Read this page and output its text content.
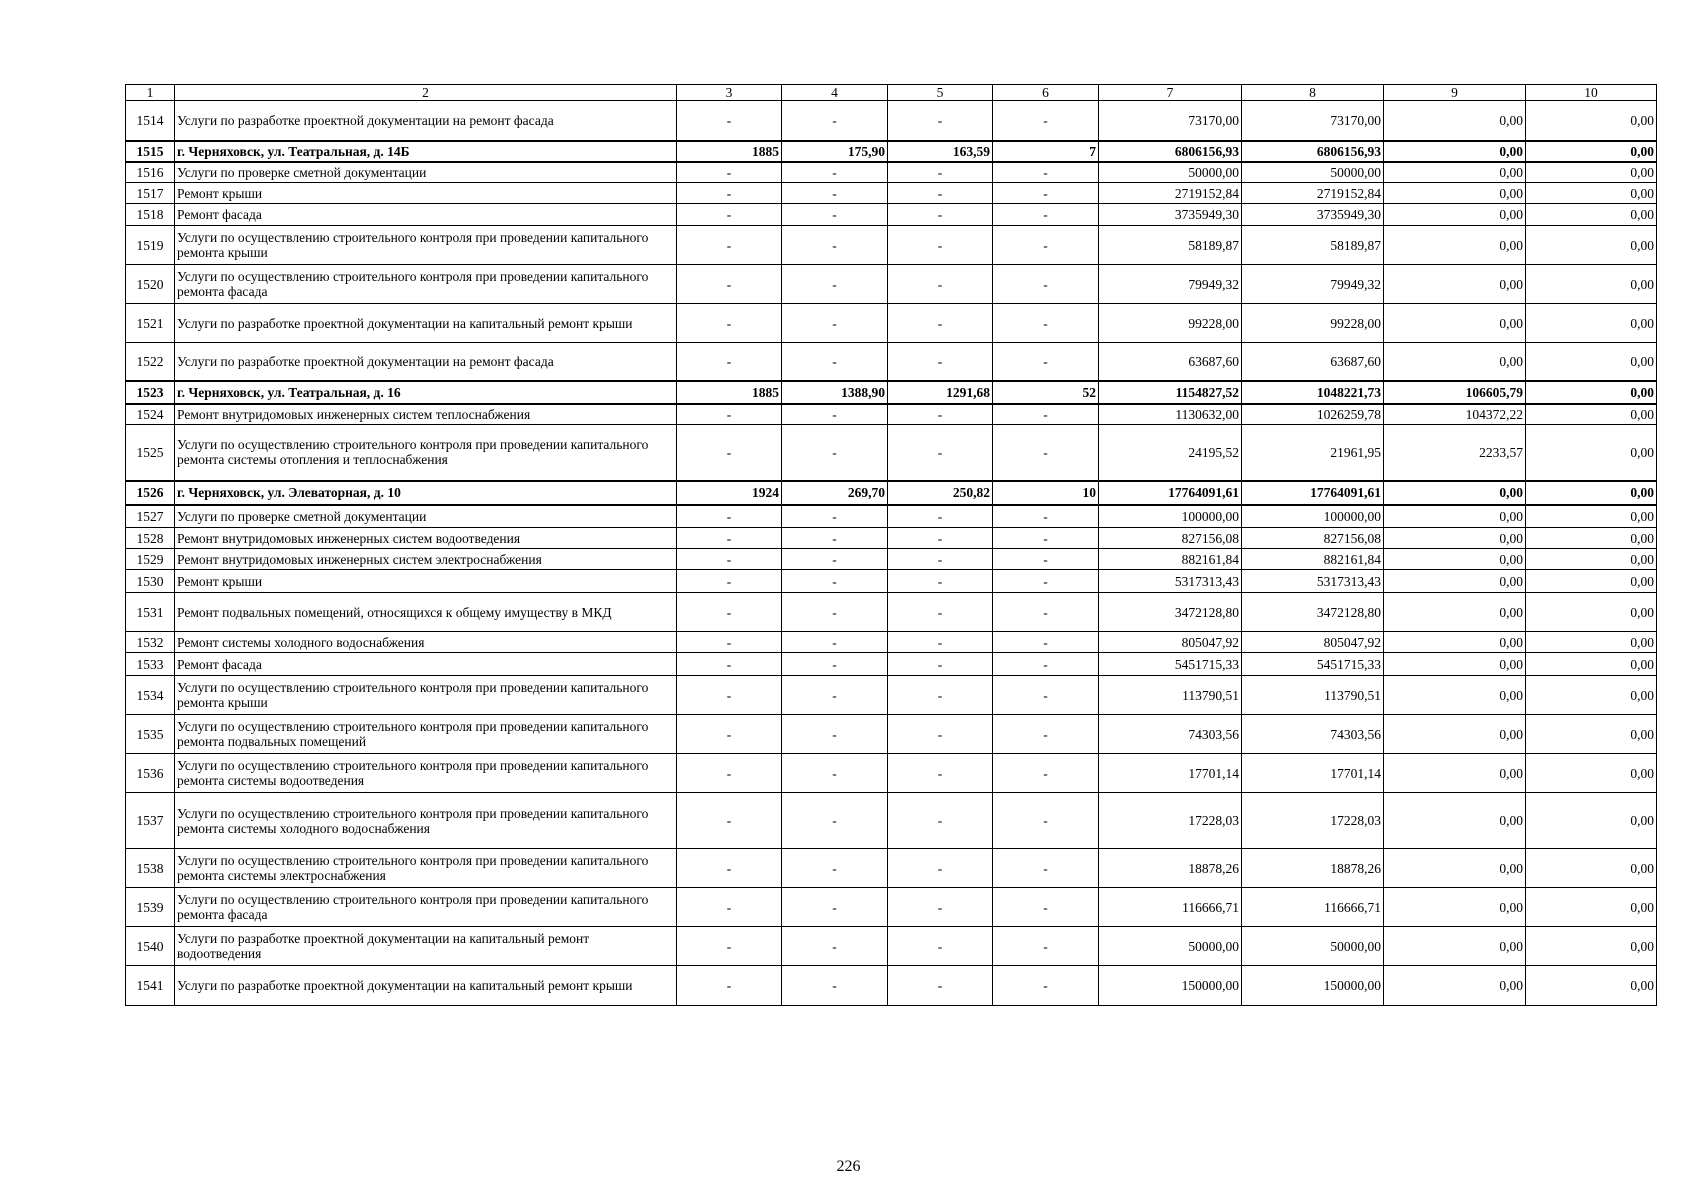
1	2	3	4	5	6	7	8	9	10
1514	Услуги по разработке проектной документации на ремонт фасада	-	-	-	-	73170,00	73170,00	0,00	0,00
1515	г. Черняховск, ул. Театральная, д. 14Б	1885	175,90	163,59	7	6806156,93	6806156,93	0,00	0,00
1516	Услуги по проверке сметной документации	-	-	-	-	50000,00	50000,00	0,00	0,00
1517	Ремонт крыши	-	-	-	-	2719152,84	2719152,84	0,00	0,00
1518	Ремонт фасада	-	-	-	-	3735949,30	3735949,30	0,00	0,00
1519	Услуги по осуществлению строительного контроля при проведении капитального ремонта крыши	-	-	-	-	58189,87	58189,87	0,00	0,00
1520	Услуги по осуществлению строительного контроля при проведении капитального ремонта фасада	-	-	-	-	79949,32	79949,32	0,00	0,00
1521	Услуги по разработке проектной документации на капитальный ремонт крыши	-	-	-	-	99228,00	99228,00	0,00	0,00
1522	Услуги по разработке проектной документации на ремонт фасада	-	-	-	-	63687,60	63687,60	0,00	0,00
1523	г. Черняховск, ул. Театральная, д. 16	1885	1388,90	1291,68	52	1154827,52	1048221,73	106605,79	0,00
1524	Ремонт внутридомовых инженерных систем теплоснабжения	-	-	-	-	1130632,00	1026259,78	104372,22	0,00
1525	Услуги по осуществлению строительного контроля при проведении капитального ремонта системы отопления и теплоснабжения	-	-	-	-	24195,52	21961,95	2233,57	0,00
1526	г. Черняховск, ул. Элеваторная, д. 10	1924	269,70	250,82	10	17764091,61	17764091,61	0,00	0,00
1527	Услуги по проверке сметной документации	-	-	-	-	100000,00	100000,00	0,00	0,00
1528	Ремонт внутридомовых инженерных систем водоотведения	-	-	-	-	827156,08	827156,08	0,00	0,00
1529	Ремонт внутридомовых инженерных систем электроснабжения	-	-	-	-	882161,84	882161,84	0,00	0,00
1530	Ремонт крыши	-	-	-	-	5317313,43	5317313,43	0,00	0,00
1531	Ремонт подвальных помещений, относящихся к общему имуществу в МКД	-	-	-	-	3472128,80	3472128,80	0,00	0,00
1532	Ремонт системы холодного водоснабжения	-	-	-	-	805047,92	805047,92	0,00	0,00
1533	Ремонт фасада	-	-	-	-	5451715,33	5451715,33	0,00	0,00
1534	Услуги по осуществлению строительного контроля при проведении капитального ремонта крыши	-	-	-	-	113790,51	113790,51	0,00	0,00
1535	Услуги по осуществлению строительного контроля при проведении капитального ремонта подвальных помещений	-	-	-	-	74303,56	74303,56	0,00	0,00
1536	Услуги по осуществлению строительного контроля при проведении капитального ремонта системы водоотведения	-	-	-	-	17701,14	17701,14	0,00	0,00
1537	Услуги по осуществлению строительного контроля при проведении капитального ремонта системы холодного водоснабжения	-	-	-	-	17228,03	17228,03	0,00	0,00
1538	Услуги по осуществлению строительного контроля при проведении капитального ремонта системы электроснабжения	-	-	-	-	18878,26	18878,26	0,00	0,00
1539	Услуги по осуществлению строительного контроля при проведении капитального ремонта фасада	-	-	-	-	116666,71	116666,71	0,00	0,00
1540	Услуги по разработке проектной документации на капитальный ремонт водоотведения	-	-	-	-	50000,00	50000,00	0,00	0,00
1541	Услуги по разработке проектной документации на капитальный ремонт крыши	-	-	-	-	150000,00	150000,00	0,00	0,00
226
